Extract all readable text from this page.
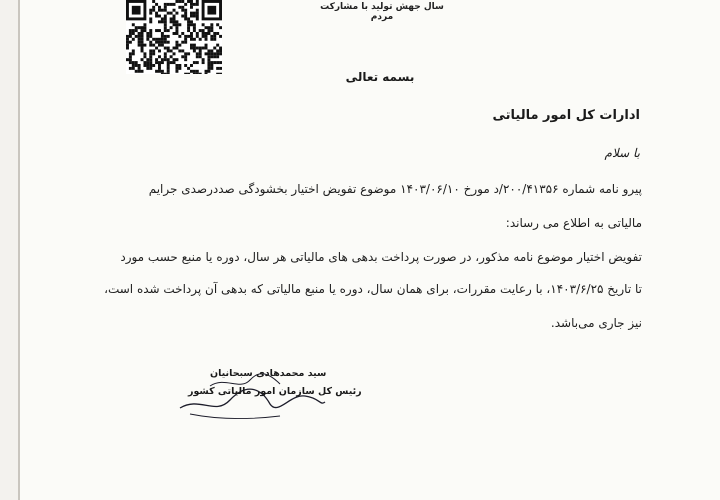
سال جهش تولید با مشارکت مردم
بسمه تعالی
ادارات کل امور مالیاتی
با سلام
پیرو نامه شماره ۲۰۰/۴۱۳۵۶/د مورخ ۱۴۰۳/۰۶/۱۰ موضوع تفویض اختیار بخشودگی صددرصدی جرایم
مالیاتی به اطلاع می رساند:
تفویض اختیار موضوع نامه مذکور، در صورت پرداخت بدهی های مالیاتی هر سال، دوره یا منبع حسب مورد
تا تاریخ ۱۴۰۳/۶/۲۵، با رعایت مقررات، برای همان سال، دوره یا منبع مالیاتی که بدهی آن پرداخت شده است،
نیز جاری می‌باشد.
سید محمدهادی سبحانیان
رئیس کل سازمان امور مالیاتی کشور
